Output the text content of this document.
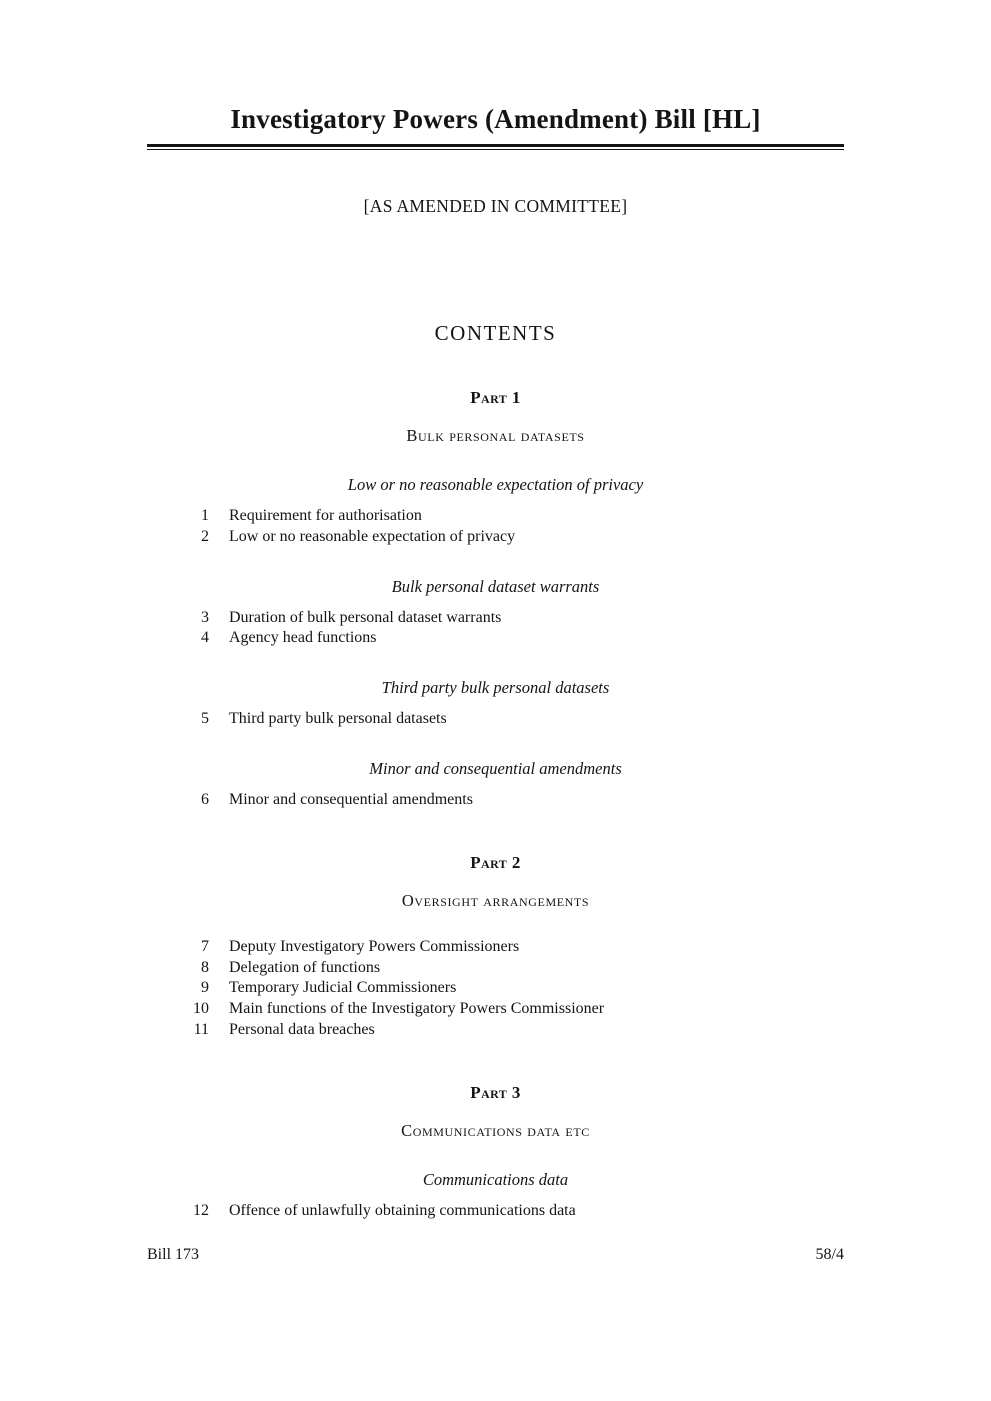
Investigatory Powers (Amendment) Bill [HL]
[AS AMENDED IN COMMITTEE]
CONTENTS
Part 1
Bulk personal datasets
Low or no reasonable expectation of privacy
1 Requirement for authorisation
2 Low or no reasonable expectation of privacy
Bulk personal dataset warrants
3 Duration of bulk personal dataset warrants
4 Agency head functions
Third party bulk personal datasets
5 Third party bulk personal datasets
Minor and consequential amendments
6 Minor and consequential amendments
Part 2
Oversight arrangements
7 Deputy Investigatory Powers Commissioners
8 Delegation of functions
9 Temporary Judicial Commissioners
10 Main functions of the Investigatory Powers Commissioner
11 Personal data breaches
Part 3
Communications data etc
Communications data
12 Offence of unlawfully obtaining communications data
Bill 173	58/4
